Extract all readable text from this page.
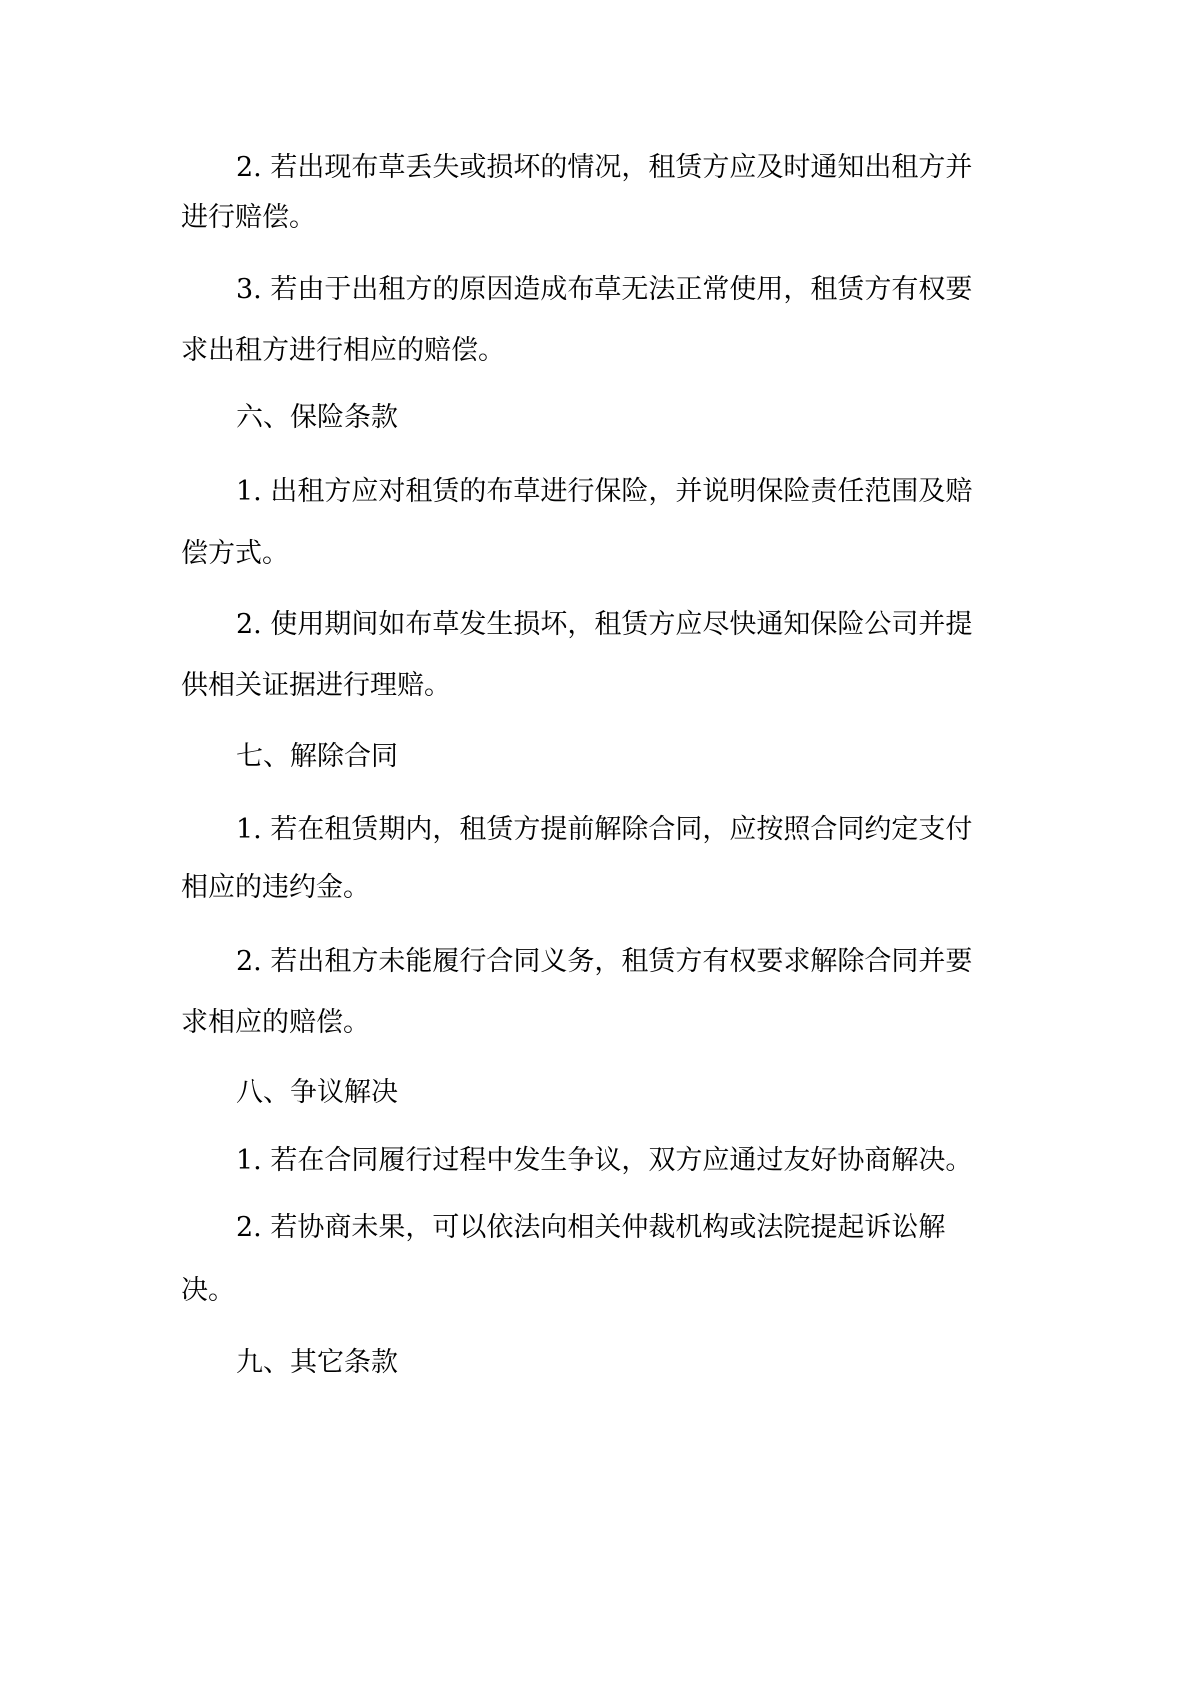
2. 若出现布草丢失或损坏的情况，租赁方应及时通知出租方并
进行赔偿。
3. 若由于出租方的原因造成布草无法正常使用，租赁方有权要
求出租方进行相应的赔偿。
六、保险条款
1. 出租方应对租赁的布草进行保险，并说明保险责任范围及赔
偿方式。
2. 使用期间如布草发生损坏，租赁方应尽快通知保险公司并提
供相关证据进行理赔。
七、解除合同
1. 若在租赁期内，租赁方提前解除合同，应按照合同约定支付
相应的违约金。
2. 若出租方未能履行合同义务，租赁方有权要求解除合同并要
求相应的赔偿。
八、争议解决
1. 若在合同履行过程中发生争议，双方应通过友好协商解决。
2. 若协商未果，可以依法向相关仲裁机构或法院提起诉讼解
决。
九、其它条款
